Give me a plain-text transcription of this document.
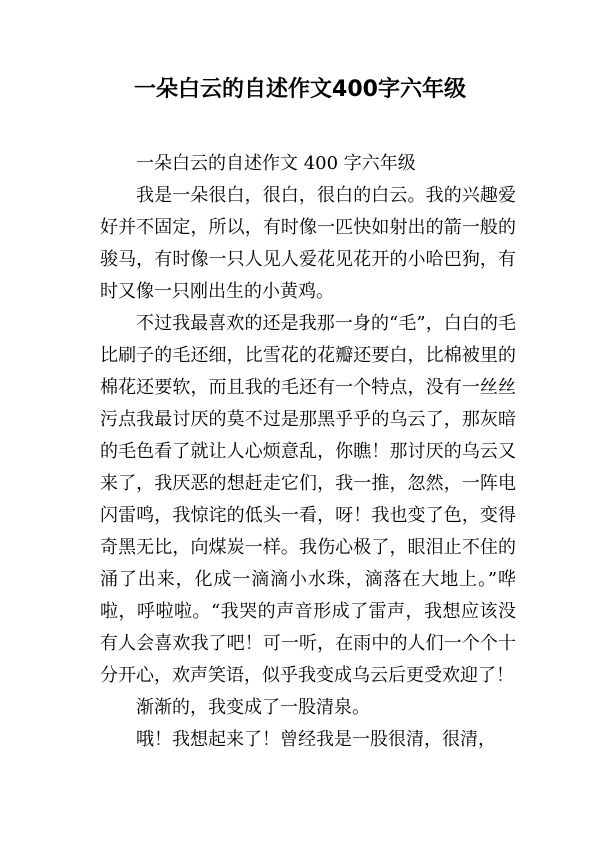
一朵白云的自述作文400字六年级

一朵白云的自述作文 400 字六年级

我是一朵很白，很白，很白的白云。我的兴趣爱好并不固定，所以，有时像一匹快如射出的箭一般的骏马，有时像一只人见人爱花见花开的小哈巴狗，有时又像一只刚出生的小黄鸡。

不过我最喜欢的还是我那一身的“毛”，白白的毛比刷子的毛还细，比雪花的花瓣还要白，比棉被里的棉花还要软，而且我的毛还有一个特点，没有一丝丝污点我最讨厌的莫不过是那黑乎乎的乌云了，那灰暗的毛色看了就让人心烦意乱，你瞧！那讨厌的乌云又来了，我厌恶的想赶走它们，我一推，忽然，一阵电闪雷鸣，我惊诧的低头一看，呀！我也变了色，变得奇黑无比，向煤炭一样。我伤心极了，眼泪止不住的涌了出来，化成一滴滴小水珠，滴落在大地上。”哗啦，呼啦啦。“我哭的声音形成了雷声，我想应该没有人会喜欢我了吧！可一听，在雨中的人们一个个十分开心，欢声笑语，似乎我变成乌云后更受欢迎了！

渐渐的，我变成了一股清泉。

哦！我想起来了！曾经我是一股很清，很清，
